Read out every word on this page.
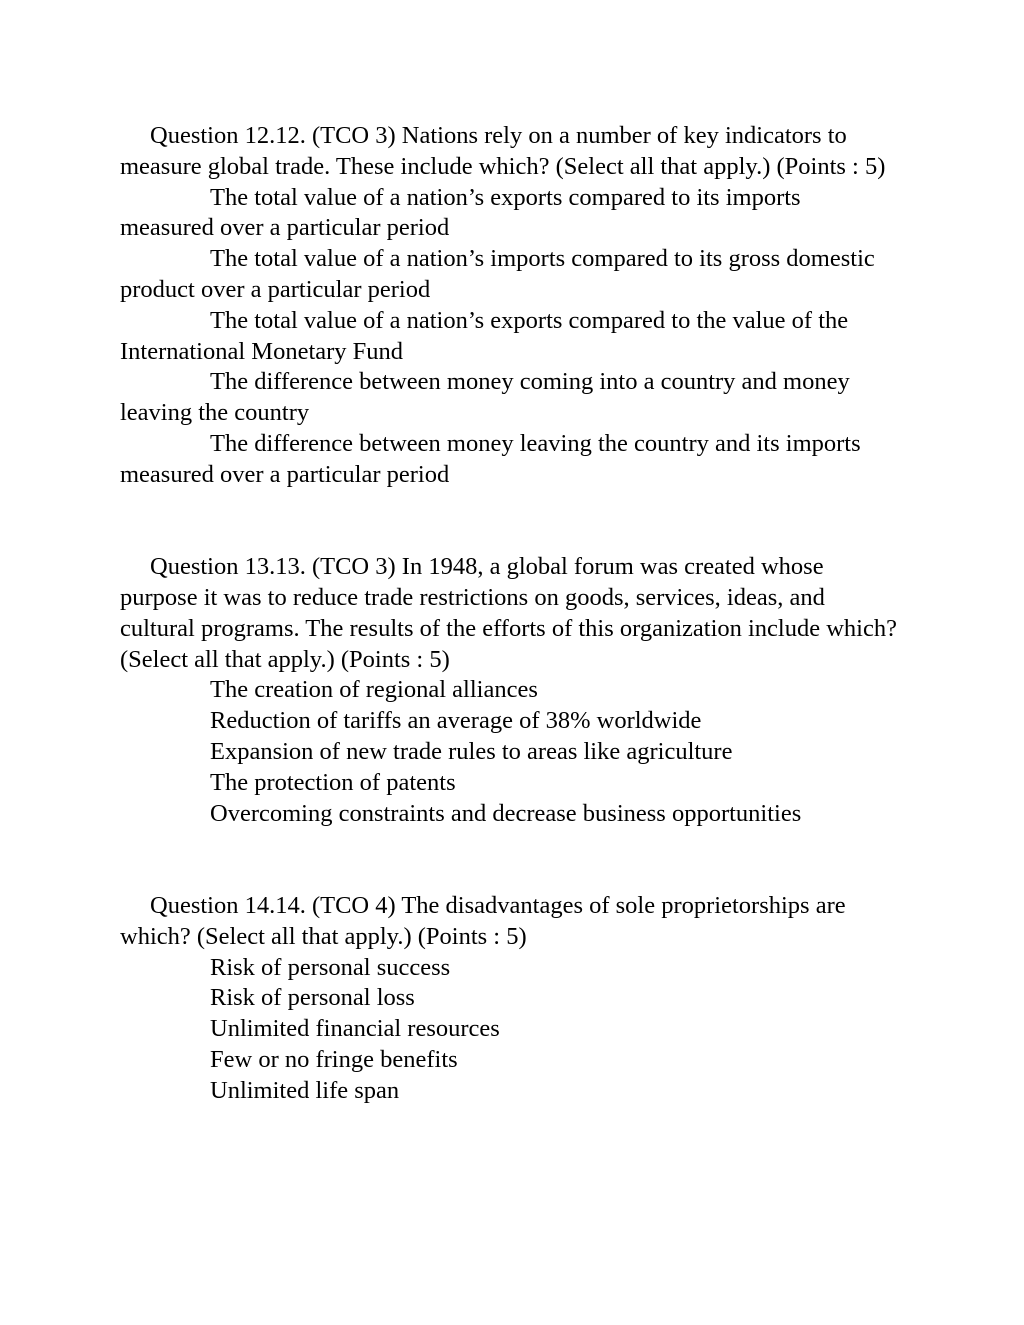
Question 12.12. (TCO 3) Nations rely on a number of key indicators to measure global trade. These include which? (Select all that apply.) (Points : 5)

The total value of a nation’s exports compared to its imports measured over a particular period

The total value of a nation’s imports compared to its gross domestic product over a particular period

The total value of a nation’s exports compared to the value of the International Monetary Fund

The difference between money coming into a country and money leaving the country

The difference between money leaving the country and its imports measured over a particular period

Question 13.13. (TCO 3) In 1948, a global forum was created whose purpose it was to reduce trade restrictions on goods, services, ideas, and cultural programs. The results of the efforts of this organization include which? (Select all that apply.) (Points : 5)

The creation of regional alliances

Reduction of tariffs an average of 38% worldwide

Expansion of new trade rules to areas like agriculture

The protection of patents

Overcoming constraints and decrease business opportunities

Question 14.14. (TCO 4) The disadvantages of sole proprietorships are which? (Select all that apply.) (Points : 5)

Risk of personal success

Risk of personal loss

Unlimited financial resources

Few or no fringe benefits

Unlimited life span
